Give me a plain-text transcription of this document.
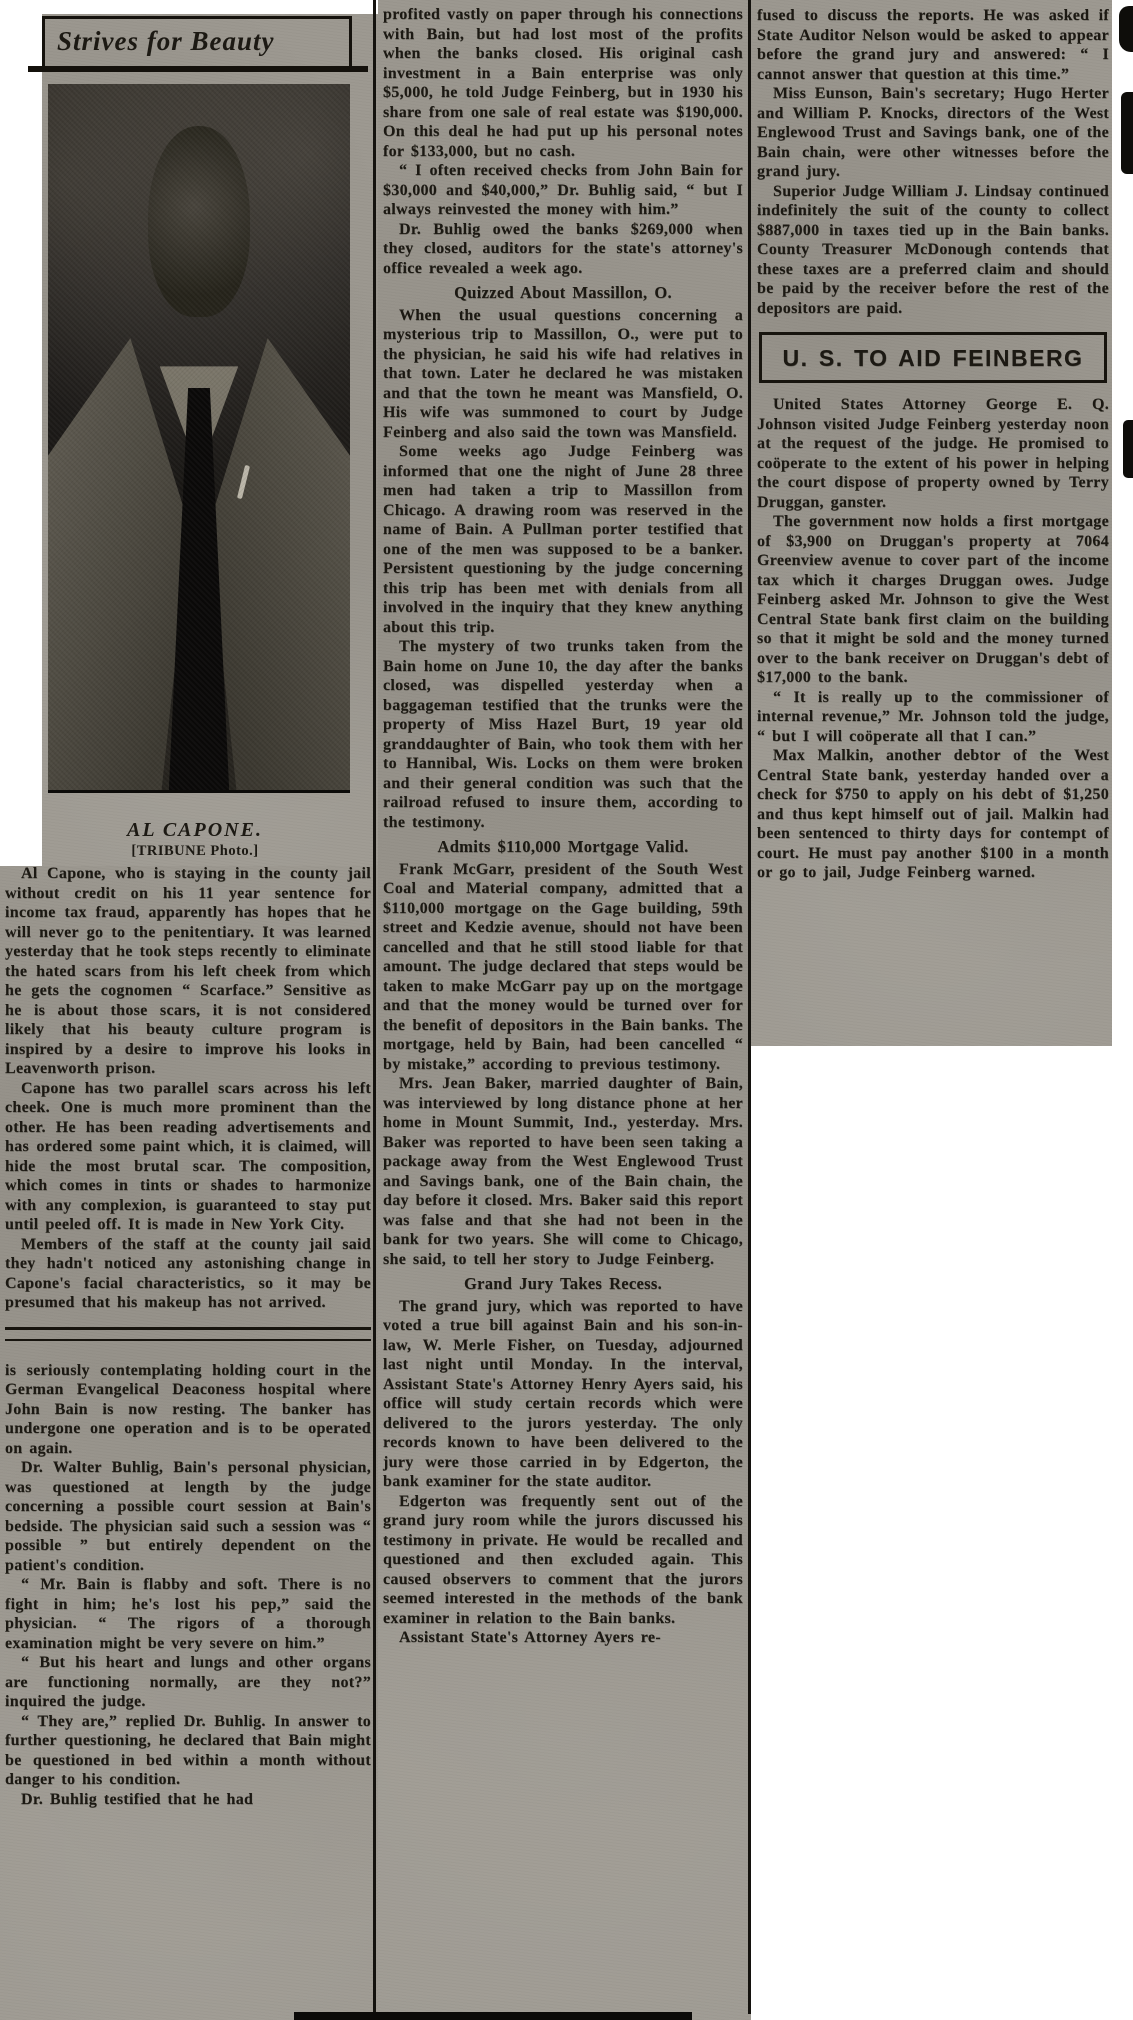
Strives for Beauty
AL CAPONE.
[TRIBUNE Photo.]
Al Capone, who is staying in the county jail without credit on his 11 year sentence for income tax fraud, apparently has hopes that he will never go to the penitentiary. It was learned yesterday that he took steps recently to eliminate the hated scars from his left cheek from which he gets the cognomen “ Scarface.” Sensitive as he is about those scars, it is not considered likely that his beauty culture program is inspired by a desire to improve his looks in Leavenworth prison.
Capone has two parallel scars across his left cheek. One is much more prominent than the other. He has been reading advertisements and has ordered some paint which, it is claimed, will hide the most brutal scar. The composition, which comes in tints or shades to harmonize with any complexion, is guaranteed to stay put until peeled off. It is made in New York City.
Members of the staff at the county jail said they hadn't noticed any astonishing change in Capone's facial characteristics, so it may be presumed that his makeup has not arrived.
is seriously contemplating holding court in the German Evangelical Deaconess hospital where John Bain is now resting. The banker has undergone one operation and is to be operated on again.
Dr. Walter Buhlig, Bain's personal physician, was questioned at length by the judge concerning a possible court session at Bain's bedside. The physician said such a session was “ possible ” but entirely dependent on the patient's condition.
“ Mr. Bain is flabby and soft. There is no fight in him; he's lost his pep,” said the physician. “ The rigors of a thorough examination might be very severe on him.”
“ But his heart and lungs and other organs are functioning normally, are they not?” inquired the judge.
“ They are,” replied Dr. Buhlig. In answer to further questioning, he declared that Bain might be questioned in bed within a month without danger to his condition.
Dr. Buhlig testified that he had
profited vastly on paper through his connections with Bain, but had lost most of the profits when the banks closed. His original cash investment in a Bain enterprise was only $5,000, he told Judge Feinberg, but in 1930 his share from one sale of real estate was $190,000. On this deal he had put up his personal notes for $133,000, but no cash.
“ I often received checks from John Bain for $30,000 and $40,000,” Dr. Buhlig said, “ but I always reinvested the money with him.”
Dr. Buhlig owed the banks $269,000 when they closed, auditors for the state's attorney's office revealed a week ago.
Quizzed About Massillon, O.
When the usual questions concerning a mysterious trip to Massillon, O., were put to the physician, he said his wife had relatives in that town. Later he declared he was mistaken and that the town he meant was Mansfield, O. His wife was summoned to court by Judge Feinberg and also said the town was Mansfield.
Some weeks ago Judge Feinberg was informed that one the night of June 28 three men had taken a trip to Massillon from Chicago. A drawing room was reserved in the name of Bain. A Pullman porter testified that one of the men was supposed to be a banker. Persistent questioning by the judge concerning this trip has been met with denials from all involved in the inquiry that they knew anything about this trip.
The mystery of two trunks taken from the Bain home on June 10, the day after the banks closed, was dispelled yesterday when a baggageman testified that the trunks were the property of Miss Hazel Burt, 19 year old granddaughter of Bain, who took them with her to Hannibal, Wis. Locks on them were broken and their general condition was such that the railroad refused to insure them, according to the testimony.
Admits $110,000 Mortgage Valid.
Frank McGarr, president of the South West Coal and Material company, admitted that a $110,000 mortgage on the Gage building, 59th street and Kedzie avenue, should not have been cancelled and that he still stood liable for that amount. The judge declared that steps would be taken to make McGarr pay up on the mortgage and that the money would be turned over for the benefit of depositors in the Bain banks. The mortgage, held by Bain, had been cancelled “ by mistake,” according to previous testimony.
Mrs. Jean Baker, married daughter of Bain, was interviewed by long distance phone at her home in Mount Summit, Ind., yesterday. Mrs. Baker was reported to have been seen taking a package away from the West Englewood Trust and Savings bank, one of the Bain chain, the day before it closed. Mrs. Baker said this report was false and that she had not been in the bank for two years. She will come to Chicago, she said, to tell her story to Judge Feinberg.
Grand Jury Takes Recess.
The grand jury, which was reported to have voted a true bill against Bain and his son-in-law, W. Merle Fisher, on Tuesday, adjourned last night until Monday. In the interval, Assistant State's Attorney Henry Ayers said, his office will study certain records which were delivered to the jurors yesterday. The only records known to have been delivered to the jury were those carried in by Edgerton, the bank examiner for the state auditor.
Edgerton was frequently sent out of the grand jury room while the jurors discussed his testimony in private. He would be recalled and questioned and then excluded again. This caused observers to comment that the jurors seemed interested in the methods of the bank examiner in relation to the Bain banks.
Assistant State's Attorney Ayers re-
fused to discuss the reports. He was asked if State Auditor Nelson would be asked to appear before the grand jury and answered: “ I cannot answer that question at this time.”
Miss Eunson, Bain's secretary; Hugo Herter and William P. Knocks, directors of the West Englewood Trust and Savings bank, one of the Bain chain, were other witnesses before the grand jury.
Superior Judge William J. Lindsay continued indefinitely the suit of the county to collect $887,000 in taxes tied up in the Bain banks. County Treasurer McDonough contends that these taxes are a preferred claim and should be paid by the receiver before the rest of the depositors are paid.
U. S. TO AID FEINBERG
United States Attorney George E. Q. Johnson visited Judge Feinberg yesterday noon at the request of the judge. He promised to coöperate to the extent of his power in helping the court dispose of property owned by Terry Druggan, ganster.
The government now holds a first mortgage of $3,900 on Druggan's property at 7064 Greenview avenue to cover part of the income tax which it charges Druggan owes. Judge Feinberg asked Mr. Johnson to give the West Central State bank first claim on the building so that it might be sold and the money turned over to the bank receiver on Druggan's debt of $17,000 to the bank.
“ It is really up to the commissioner of internal revenue,” Mr. Johnson told the judge, “ but I will coöperate all that I can.”
Max Malkin, another debtor of the West Central State bank, yesterday handed over a check for $750 to apply on his debt of $1,250 and thus kept himself out of jail. Malkin had been sentenced to thirty days for contempt of court. He must pay another $100 in a month or go to jail, Judge Feinberg warned.
